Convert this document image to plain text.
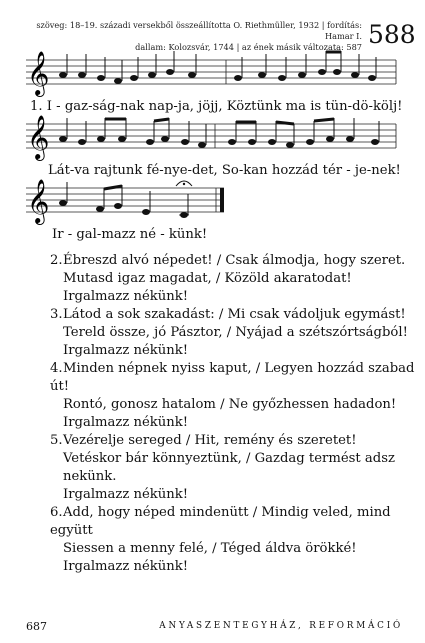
szöveg: 18–19. századi versekből összeállította O. Riethmüller, 1932 | fordítás: Hamar I.
dallam: Kolozsvár, 1744 | az ének másik változata: 587 588
𝄞
𝄞
𝄞
1. I - gaz-ság-nak nap-ja, jöjj, Köztünk ma is tün-dö-kölj!
Lát-va rajtunk fé-nye-det, So-kan hozzád tér - je-nek!
Ir - gal-mazz né - künk!
2.Ébreszd alvó népedet! / Csak álmodja, hogy szeret.
Mutasd igaz magadat, / Közöld akaratodat!
Irgalmazz nékünk!
3.Látod a sok szakadást: / Mi csak vádoljuk egymást!
Tereld össze, jó Pásztor, / Nyájad a szétszórtságból!
Irgalmazz nékünk!
4.Minden népnek nyiss kaput, / Legyen hozzád szabad út!
Rontó, gonosz hatalom / Ne győzhessen hadadon!
Irgalmazz nékünk!
5.Vezérelje sereged / Hit, remény és szeretet!
Vetéskor bár könnyeztünk, / Gazdag termést adsz nekünk.
Irgalmazz nékünk!
6.Add, hogy néped mindenütt / Mindig veled, mind együtt
Siessen a menny felé, / Téged áldva örökké!
Irgalmazz nékünk!
687	ANYASZENTEGYHÁZ, REFORMÁCIÓ
